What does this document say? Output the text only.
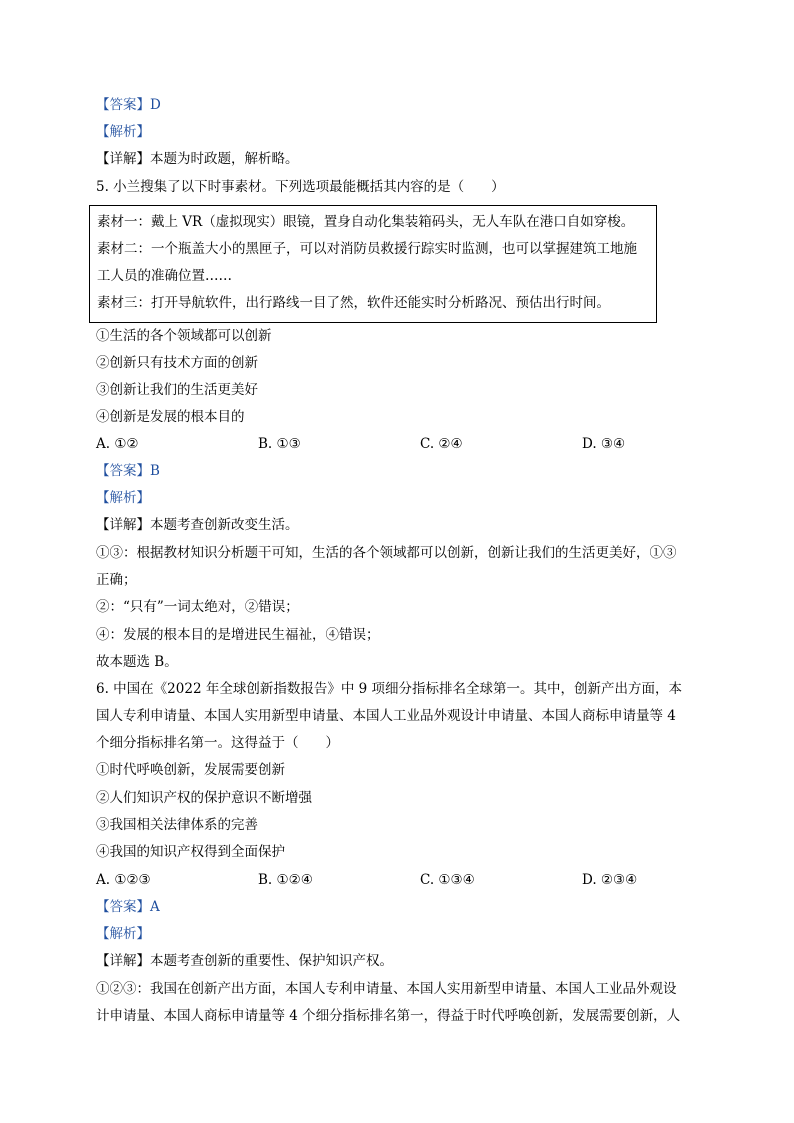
【答案】D
【解析】
【详解】本题为时政题，解析略。
5. 小兰搜集了以下时事素材。下列选项最能概括其内容的是（　　）
素材一：戴上 VR（虚拟现实）眼镜，置身自动化集装箱码头，无人车队在港口自如穿梭。
素材二：一个瓶盖大小的黑匣子，可以对消防员救援行踪实时监测，也可以掌握建筑工地施
工人员的准确位置……
素材三：打开导航软件，出行路线一目了然，软件还能实时分析路况、预估出行时间。
①生活的各个领域都可以创新
②创新只有技术方面的创新
③创新让我们的生活更美好
④创新是发展的根本目的
A. ①②	B. ①③	C. ②④	D. ③④
【答案】B
【解析】
【详解】本题考查创新改变生活。
①③：根据教材知识分析题干可知，生活的各个领域都可以创新，创新让我们的生活更美好，①③
正确；
②：“只有”一词太绝对，②错误；
④：发展的根本目的是增进民生福祉，④错误；
故本题选 B。
6. 中国在《2022 年全球创新指数报告》中 9 项细分指标排名全球第一。其中，创新产出方面，本
国人专利申请量、本国人实用新型申请量、本国人工业品外观设计申请量、本国人商标申请量等 4
个细分指标排名第一。这得益于（　　）
①时代呼唤创新，发展需要创新
②人们知识产权的保护意识不断增强
③我国相关法律体系的完善
④我国的知识产权得到全面保护
A. ①②③	B. ①②④	C. ①③④	D. ②③④
【答案】A
【解析】
【详解】本题考查创新的重要性、保护知识产权。
①②③：我国在创新产出方面，本国人专利申请量、本国人实用新型申请量、本国人工业品外观设
计申请量、本国人商标申请量等 4 个细分指标排名第一，得益于时代呼唤创新，发展需要创新，人
